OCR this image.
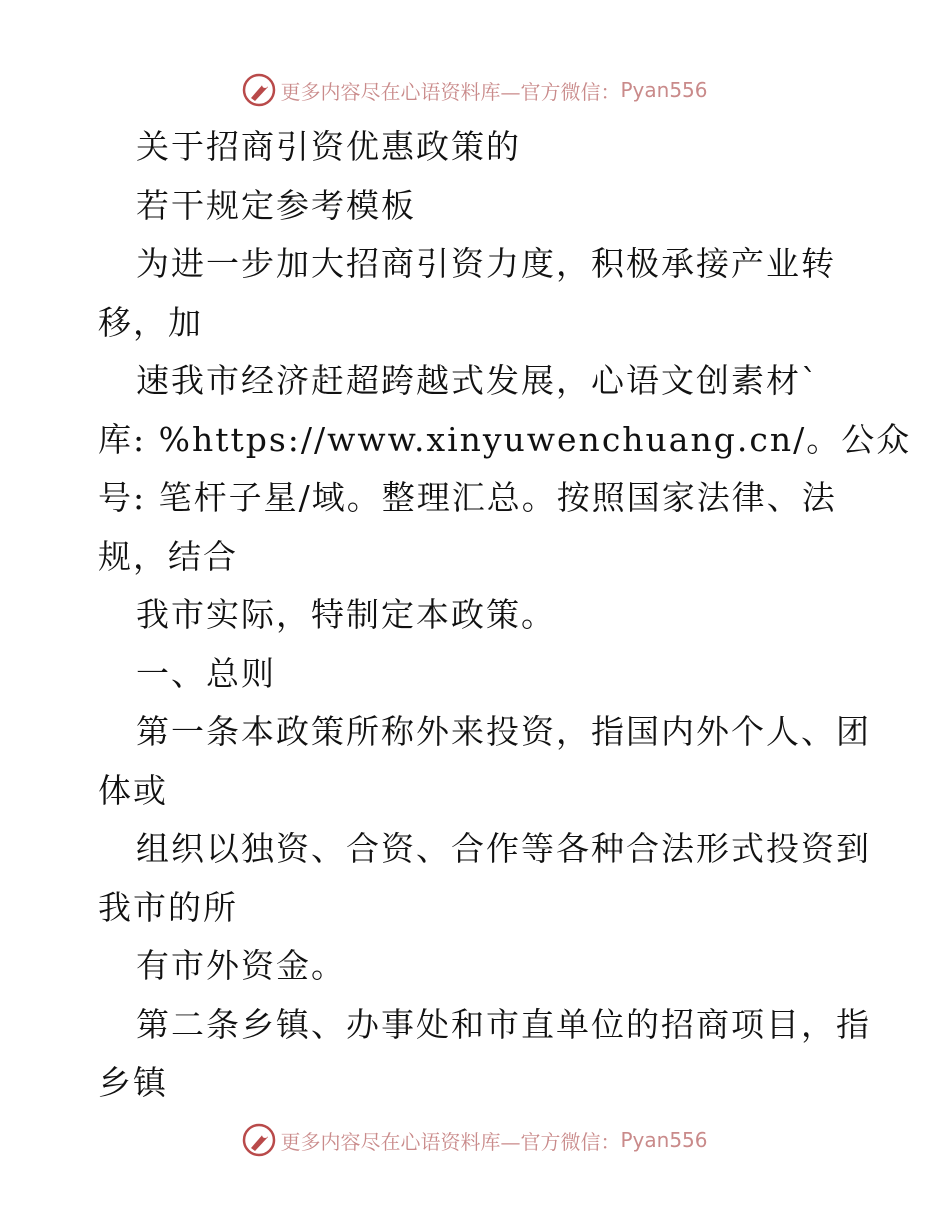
更多内容尽在心语资料库—官方微信： Pyan556
关于招商引资优惠政策的
若干规定参考模板
为进一步加大招商引资力度，积极承接产业转
移，加
速我市经济赶超跨越式发展，心语文创素材`
库: %https://www.xinyuwenchuang.cn/。公众
号: 笔杆子星/域。整理汇总。按照国家法律、法
规，结合
我市实际，特制定本政策。
一、总则
第一条本政策所称外来投资，指国内外个人、团
体或
组织以独资、合资、合作等各种合法形式投资到
我市的所
有市外资金。
第二条乡镇、办事处和市直单位的招商项目，指
乡镇
更多内容尽在心语资料库—官方微信： Pyan556
